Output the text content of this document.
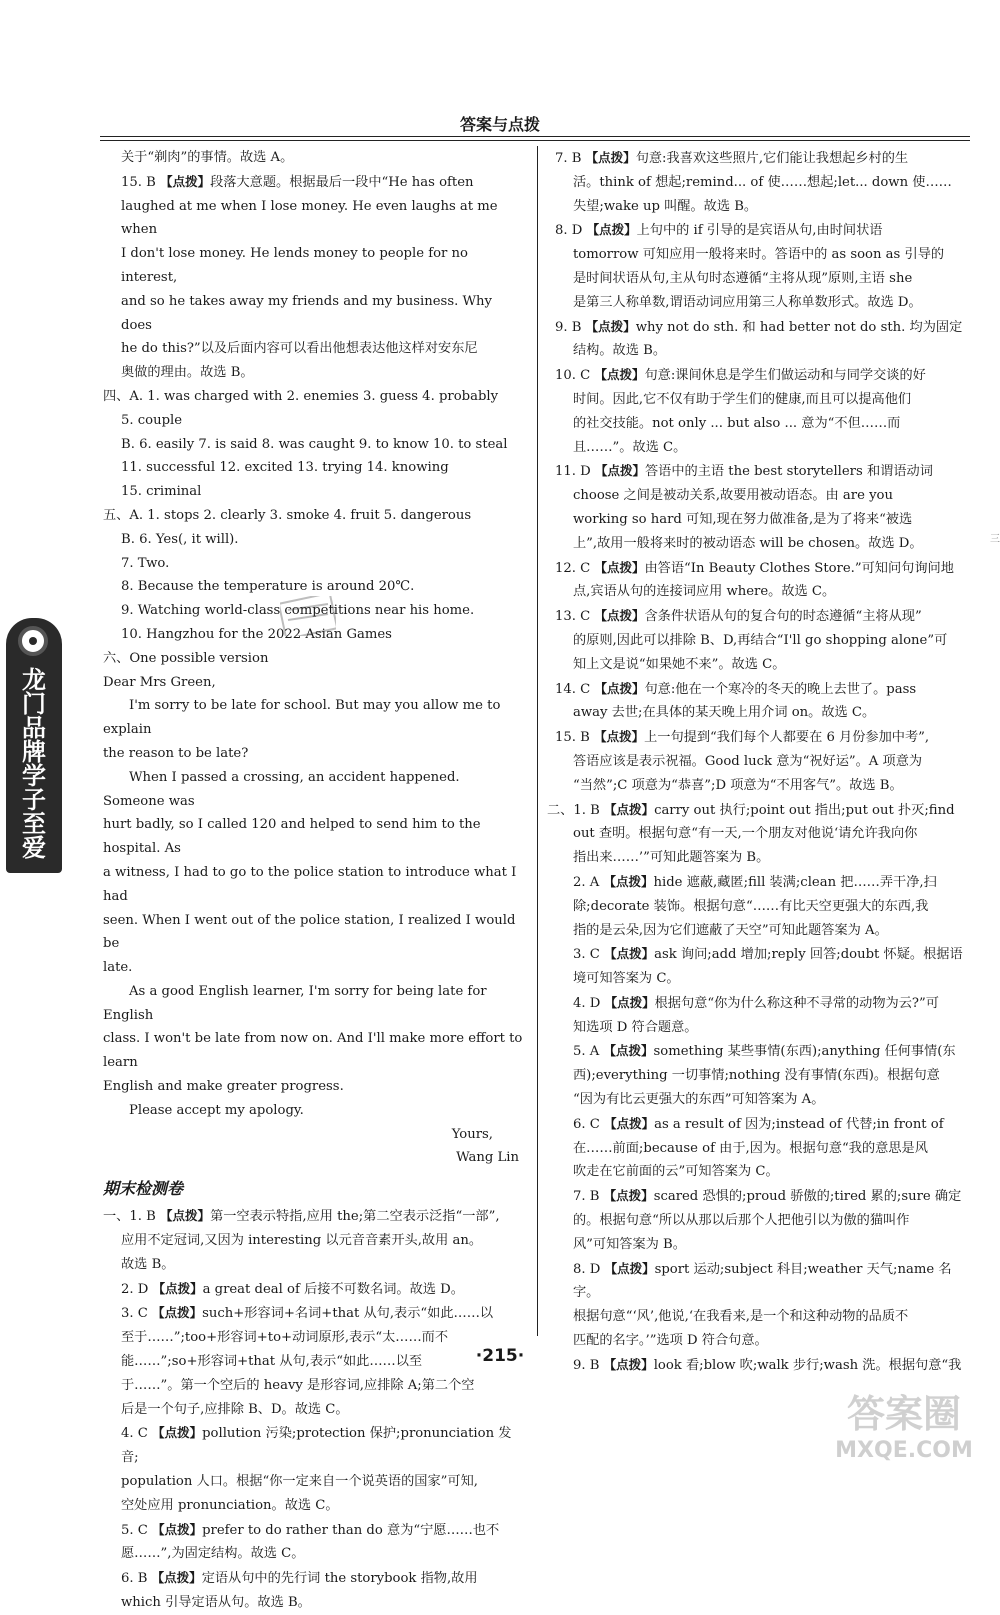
答案与点拨

关于“剃肉”的事情。故选 A。

15. B 【点拨】段落大意题。根据最后一段中“He has often

laughed at me when I lose money. He even laughs at me when

I don't lose money. He lends money to people for no interest,

and so he takes away my friends and my business. Why does

he do this?”以及后面内容可以看出他想表达他这样对安东尼

奥做的理由。故选 B。

四、A. 1. was charged with 2. enemies 3. guess 4. probably

5. couple

B. 6. easily 7. is said 8. was caught 9. to know 10. to steal

11. successful 12. excited 13. trying 14. knowing

15. criminal

五、A. 1. stops 2. clearly 3. smoke 4. fruit 5. dangerous

B. 6. Yes(, it will).

7. Two.

8. Because the temperature is around 20℃.

9. Watching world-class competitions near his home.

10. Hangzhou for the 2022 Asian Games

六、One possible version

Dear Mrs Green,

I'm sorry to be late for school. But may you allow me to explain

the reason to be late?

When I passed a crossing, an accident happened. Someone was

hurt badly, so I called 120 and helped to send him to the hospital. As

a witness, I had to go to the police station to introduce what I had

seen. When I went out of the police station, I realized I would be

late.

As a good English learner, I'm sorry for being late for English

class. I won't be late from now on. And I'll make more effort to learn

English and make greater progress.

Please accept my apology.

Yours,

Wang Lin

期末检测卷

一、1. B 【点拨】第一空表示特指,应用 the;第二空表示泛指“一部”,

应用不定冠词,又因为 interesting 以元音音素开头,故用 an。

故选 B。

2. D 【点拨】a great deal of 后接不可数名词。故选 D。

3. C 【点拨】such+形容词+名词+that 从句,表示“如此……以

至于……”;too+形容词+to+动词原形,表示“太……而不

能……”;so+形容词+that 从句,表示“如此……以至

于……”。第一个空后的 heavy 是形容词,应排除 A;第二个空

后是一个句子,应排除 B、D。故选 C。

4. C 【点拨】pollution 污染;protection 保护;pronunciation 发音;

population 人口。根据“你一定来自一个说英语的国家”可知,

空处应用 pronunciation。故选 C。

5. C 【点拨】prefer to do rather than do 意为“宁愿……也不

愿……”,为固定结构。故选 C。

6. B 【点拨】定语从句中的先行词 the storybook 指物,故用

which 引导定语从句。故选 B。

7. B 【点拨】句意:我喜欢这些照片,它们能让我想起乡村的生

活。think of 想起;remind... of 使……想起;let... down 使……

失望;wake up 叫醒。故选 B。

8. D 【点拨】上句中的 if 引导的是宾语从句,由时间状语

tomorrow 可知应用一般将来时。答语中的 as soon as 引导的

是时间状语从句,主从句时态遵循“主将从现”原则,主语 she

是第三人称单数,谓语动词应用第三人称单数形式。故选 D。

9. B 【点拨】why not do sth. 和 had better not do sth. 均为固定

结构。故选 B。

10. C 【点拨】句意:课间休息是学生们做运动和与同学交谈的好

时间。因此,它不仅有助于学生们的健康,而且可以提高他们

的社交技能。not only ... but also ... 意为“不但……而

且……”。故选 C。

11. D 【点拨】答语中的主语 the best storytellers 和谓语动词

choose 之间是被动关系,故要用被动语态。由 are you

working so hard 可知,现在努力做准备,是为了将来“被选

上”,故用一般将来时的被动语态 will be chosen。故选 D。

12. C 【点拨】由答语“In Beauty Clothes Store.”可知问句询问地

点,宾语从句的连接词应用 where。故选 C。

13. C 【点拨】含条件状语从句的复合句的时态遵循“主将从现”

的原则,因此可以排除 B、D,再结合“I'll go shopping alone”可

知上文是说“如果她不来”。故选 C。

14. C 【点拨】句意:他在一个寒冷的冬天的晚上去世了。pass

away 去世;在具体的某天晚上用介词 on。故选 C。

15. B 【点拨】上一句提到“我们每个人都要在 6 月份参加中考”,

答语应该是表示祝福。Good luck 意为“祝好运”。A 项意为

“当然”;C 项意为“恭喜”;D 项意为“不用客气”。故选 B。

二、1. B 【点拨】carry out 执行;point out 指出;put out 扑灭;find

out 查明。根据句意“有一天,一个朋友对他说‘请允许我向你

指出来……’”可知此题答案为 B。

2. A 【点拨】hide 遮蔽,藏匿;fill 装满;clean 把……弄干净,扫

除;decorate 装饰。根据句意“……有比天空更强大的东西,我

指的是云朵,因为它们遮蔽了天空”可知此题答案为 A。

3. C 【点拨】ask 询问;add 增加;reply 回答;doubt 怀疑。根据语

境可知答案为 C。

4. D 【点拨】根据句意“你为什么称这种不寻常的动物为云?”可

知选项 D 符合题意。

5. A 【点拨】something 某些事情(东西);anything 任何事情(东

西);everything 一切事情;nothing 没有事情(东西)。根据句意

“因为有比云更强大的东西”可知答案为 A。

6. C 【点拨】as a result of 因为;instead of 代替;in front of

在……前面;because of 由于,因为。根据句意“我的意思是风

吹走在它前面的云”可知答案为 C。

7. B 【点拨】scared 恐惧的;proud 骄傲的;tired 累的;sure 确定

的。根据句意“所以从那以后那个人把他引以为傲的猫叫作

风”可知答案为 B。

8. D 【点拨】sport 运动;subject 科目;weather 天气;name 名字。

根据句意“‘风’,他说,‘在我看来,是一个和这种动物的品质不

匹配的名字。’”选项 D 符合句意。

9. B 【点拨】look 看;blow 吹;walk 步行;wash 洗。根据句意“我

龙门品牌 学子至爱
三
·215·
答案圈
MXQE.COM
